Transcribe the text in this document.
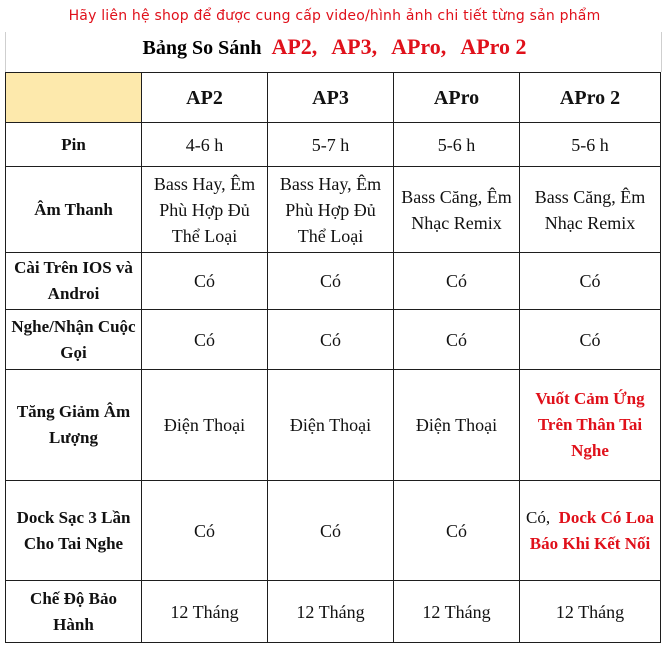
Hãy liên hệ shop để được cung cấp video/hình ảnh chi tiết từng sản phẩm
Bảng So Sánh AP2, AP3, APro, APro 2
	AP2	AP3	APro	APro 2
Pin	4-6 h	5-7 h	5-6 h	5-6 h
Âm Thanh	Bass Hay, Êm Phù Hợp Đủ Thể Loại	Bass Hay, Êm Phù Hợp Đủ Thể Loại	Bass Căng, Êm Nhạc Remix	Bass Căng, Êm Nhạc Remix
Cài Trên IOS và Androi	Có	Có	Có	Có
Nghe/Nhận Cuộc Gọi	Có	Có	Có	Có
Tăng Giảm Âm Lượng	Điện Thoại	Điện Thoại	Điện Thoại	Vuốt Cảm Ứng Trên Thân Tai Nghe
Dock Sạc 3 Lần Cho Tai Nghe	Có	Có	Có	Có, Dock Có Loa Báo Khi Kết Nối
Chế Độ Bảo Hành	12 Tháng	12 Tháng	12 Tháng	12 Tháng
